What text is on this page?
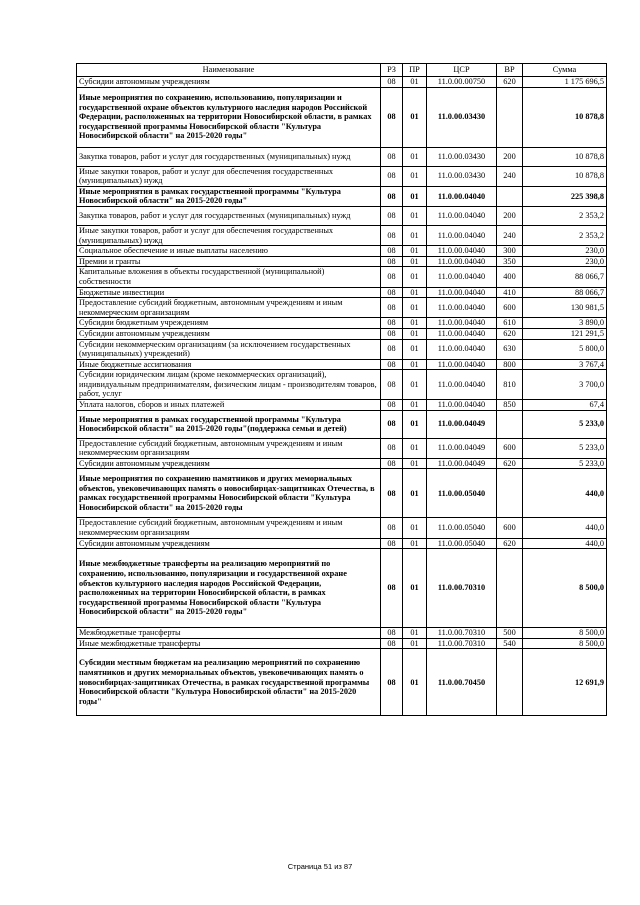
Наименование	РЗ	ПР	ЦСР	ВР	Сумма
Субсидии автономным учреждениям	08	01	11.0.00.00750	620	1 175 696,5
Иные мероприятия по сохранению, использованию, популяризации и государственной охране объектов культурного наследия народов Российской Федерации, расположенных на территории Новосибирской области, в рамках государственной программы Новосибирской области "Культура Новосибирской области" на 2015-2020 годы"	08	01	11.0.00.03430		10 878,8
Закупка товаров, работ и услуг для государственных (муниципальных) нужд	08	01	11.0.00.03430	200	10 878,8
Иные закупки товаров, работ и услуг для обеспечения государственных (муниципальных) нужд	08	01	11.0.00.03430	240	10 878,8
Иные мероприятия в рамках государственной программы "Культура Новосибирской области" на 2015-2020 годы"	08	01	11.0.00.04040		225 398,8
Закупка товаров, работ и услуг для государственных (муниципальных) нужд	08	01	11.0.00.04040	200	2 353,2
Иные закупки товаров, работ и услуг для обеспечения государственных (муниципальных) нужд	08	01	11.0.00.04040	240	2 353,2
Социальное обеспечение и иные выплаты населению	08	01	11.0.00.04040	300	230,0
Премии и гранты	08	01	11.0.00.04040	350	230,0
Капитальные вложения в объекты государственной (муниципальной) собственности	08	01	11.0.00.04040	400	88 066,7
Бюджетные инвестиции	08	01	11.0.00.04040	410	88 066,7
Предоставление субсидий бюджетным, автономным учреждениям и иным некоммерческим организациям	08	01	11.0.00.04040	600	130 981,5
Субсидии бюджетным учреждениям	08	01	11.0.00.04040	610	3 890,0
Субсидии автономным учреждениям	08	01	11.0.00.04040	620	121 291,5
Субсидии некоммерческим организациям (за исключением государственных (муниципальных) учреждений)	08	01	11.0.00.04040	630	5 800,0
Иные бюджетные ассигнования	08	01	11.0.00.04040	800	3 767,4
Субсидии юридическим лицам (кроме некоммерческих организаций), индивидуальным предпринимателям, физическим лицам - производителям товаров, работ, услуг	08	01	11.0.00.04040	810	3 700,0
Уплата налогов, сборов и иных платежей	08	01	11.0.00.04040	850	67,4
Иные мероприятия в рамках государственной программы "Культура Новосибирской области" на 2015-2020 годы"(поддержка семьи и детей)	08	01	11.0.00.04049		5 233,0
Предоставление субсидий бюджетным, автономным учреждениям и иным некоммерческим организациям	08	01	11.0.00.04049	600	5 233,0
Субсидии автономным учреждениям	08	01	11.0.00.04049	620	5 233,0
Иные мероприятия по сохранению памятников и других мемориальных объектов, увековечивающих память о новосибирцах-защитниках Отечества, в рамках государственной программы Новосибирской области "Культура Новосибирской области" на 2015-2020 годы	08	01	11.0.00.05040		440,0
Предоставление субсидий бюджетным, автономным учреждениям и иным некоммерческим организациям	08	01	11.0.00.05040	600	440,0
Субсидии автономным учреждениям	08	01	11.0.00.05040	620	440,0
Иные межбюджетные трансферты на реализацию мероприятий по сохранению, использованию, популяризации и государственной охране объектов культурного наследия народов Российской Федерации, расположенных на территории Новосибирской области, в рамках государственной программы Новосибирской области "Культура Новосибирской области" на 2015-2020 годы"	08	01	11.0.00.70310		8 500,0
Межбюджетные трансферты	08	01	11.0.00.70310	500	8 500,0
Иные межбюджетные трансферты	08	01	11.0.00.70310	540	8 500,0
Субсидии местным бюджетам на реализацию мероприятий по сохранению памятников и других мемориальных объектов, увековечивающих память о новосибирцах-защитниках Отечества, в рамках государственной программы Новосибирской области "Культура Новосибирской области" на 2015-2020 годы"	08	01	11.0.00.70450		12 691,9
Страница 51 из 87
